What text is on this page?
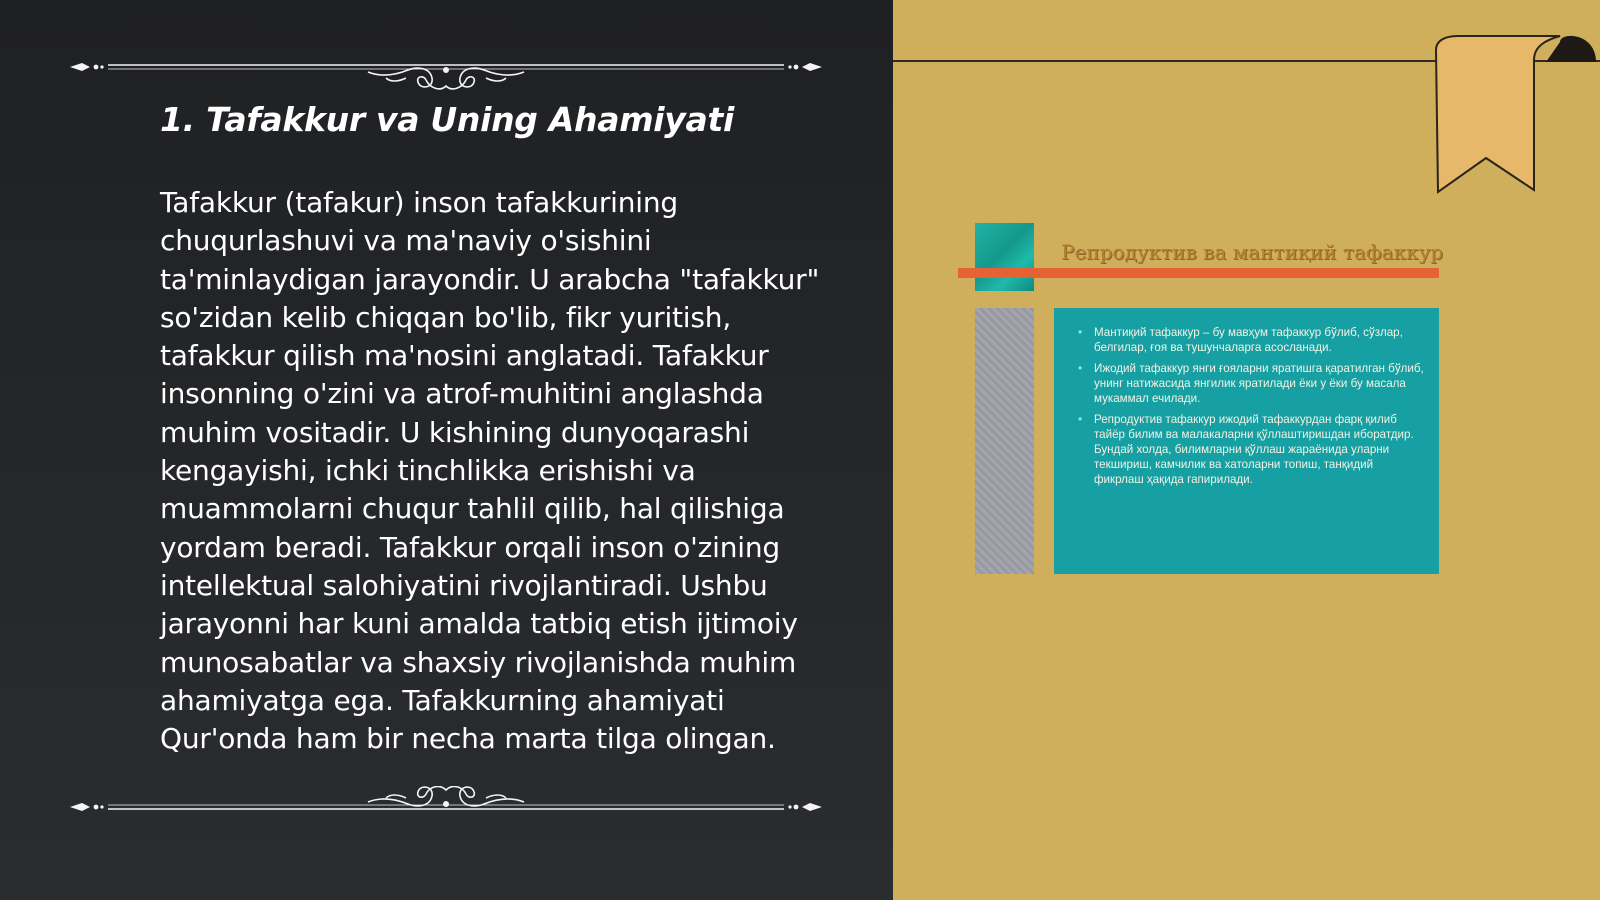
1. Tafakkur va Uning Ahamiyati

Tafakkur (tafakur) inson tafakkurining chuqurlashuvi va ma'naviy o'sishini ta'minlaydigan jarayondir. U arabcha "tafakkur" so'zidan kelib chiqqan bo'lib, fikr yuritish, tafakkur qilish ma'nosini anglatadi. Tafakkur insonning o'zini va atrof-muhitini anglashda muhim vositadir. U kishining dunyoqarashi kengayishi, ichki tinchlikka erishishi va muammolarni chuqur tahlil qilib, hal qilishiga yordam beradi. Tafakkur orqali inson o'zining intellektual salohiyatini rivojlantiradi. Ushbu jarayonni har kuni amaldа tatbiq etish ijtimoiy munosabatlar va shaxsiy rivojlanishda muhim ahamiyatga ega. Tafakkurning ahamiyati Qur'onda ham bir necha marta tilga olingan.

Репродуктив ва мантиқий тафаккур

• Мантиқий тафаккур – бу мавҳум тафаккур бўлиб, сўзлар, белгилар, ғоя ва тушунчаларга асосланади.
• Ижодий тафаккур янги ғояларни яратишга қаратилган бўлиб, унинг натижасида янгилик яратилади ёки у ёки бу масала мукаммал ечилади.
• Репродуктив тафаккур ижодий тафаккурдан фарқ қилиб тайёр билим ва малакаларни қўллаштиришдан иборатдир. Бундай холда, билимларни қўллаш жараёнида уларни текшириш, камчилик ва хатоларни топиш, танқидий фикрлаш ҳақида гапирилади.
